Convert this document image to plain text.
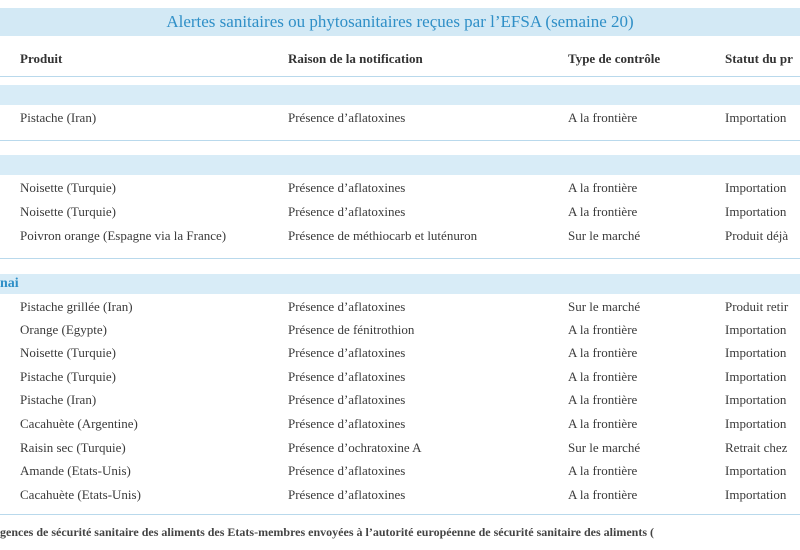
Alertes sanitaires ou phytosanitaires reçues par l’EFSA (semaine 20)
Produit	Raison de la notification	Type de contrôle	Statut du pr
nai
Pistache (Iran)	Présence d’aflatoxines	A la frontière	Importation
Noisette (Turquie)	Présence d’aflatoxines	A la frontière	Importation
Noisette (Turquie)	Présence d’aflatoxines	A la frontière	Importation
Poivron orange (Espagne via la France)	Présence de méthiocarb et luténuron	Sur le marché	Produit déjà
Pistache grillée (Iran)	Présence d’aflatoxines	Sur le marché	Produit retir
Orange (Egypte)	Présence de fénitrothion	A la frontière	Importation
Noisette (Turquie)	Présence d’aflatoxines	A la frontière	Importation
Pistache (Turquie)	Présence d’aflatoxines	A la frontière	Importation
Pistache (Iran)	Présence d’aflatoxines	A la frontière	Importation
Cacahuète (Argentine)	Présence d’aflatoxines	A la frontière	Importation
Raisin sec (Turquie)	Présence d’ochratoxine A	Sur le marché	Retrait chez
Amande (Etats-Unis)	Présence d’aflatoxines	A la frontière	Importation
Cacahuète (Etats-Unis)	Présence d’aflatoxines	A la frontière	Importation
gences de sécurité sanitaire des aliments des Etats-membres envoyées à l’autorité européenne de sécurité sanitaire des aliments (
